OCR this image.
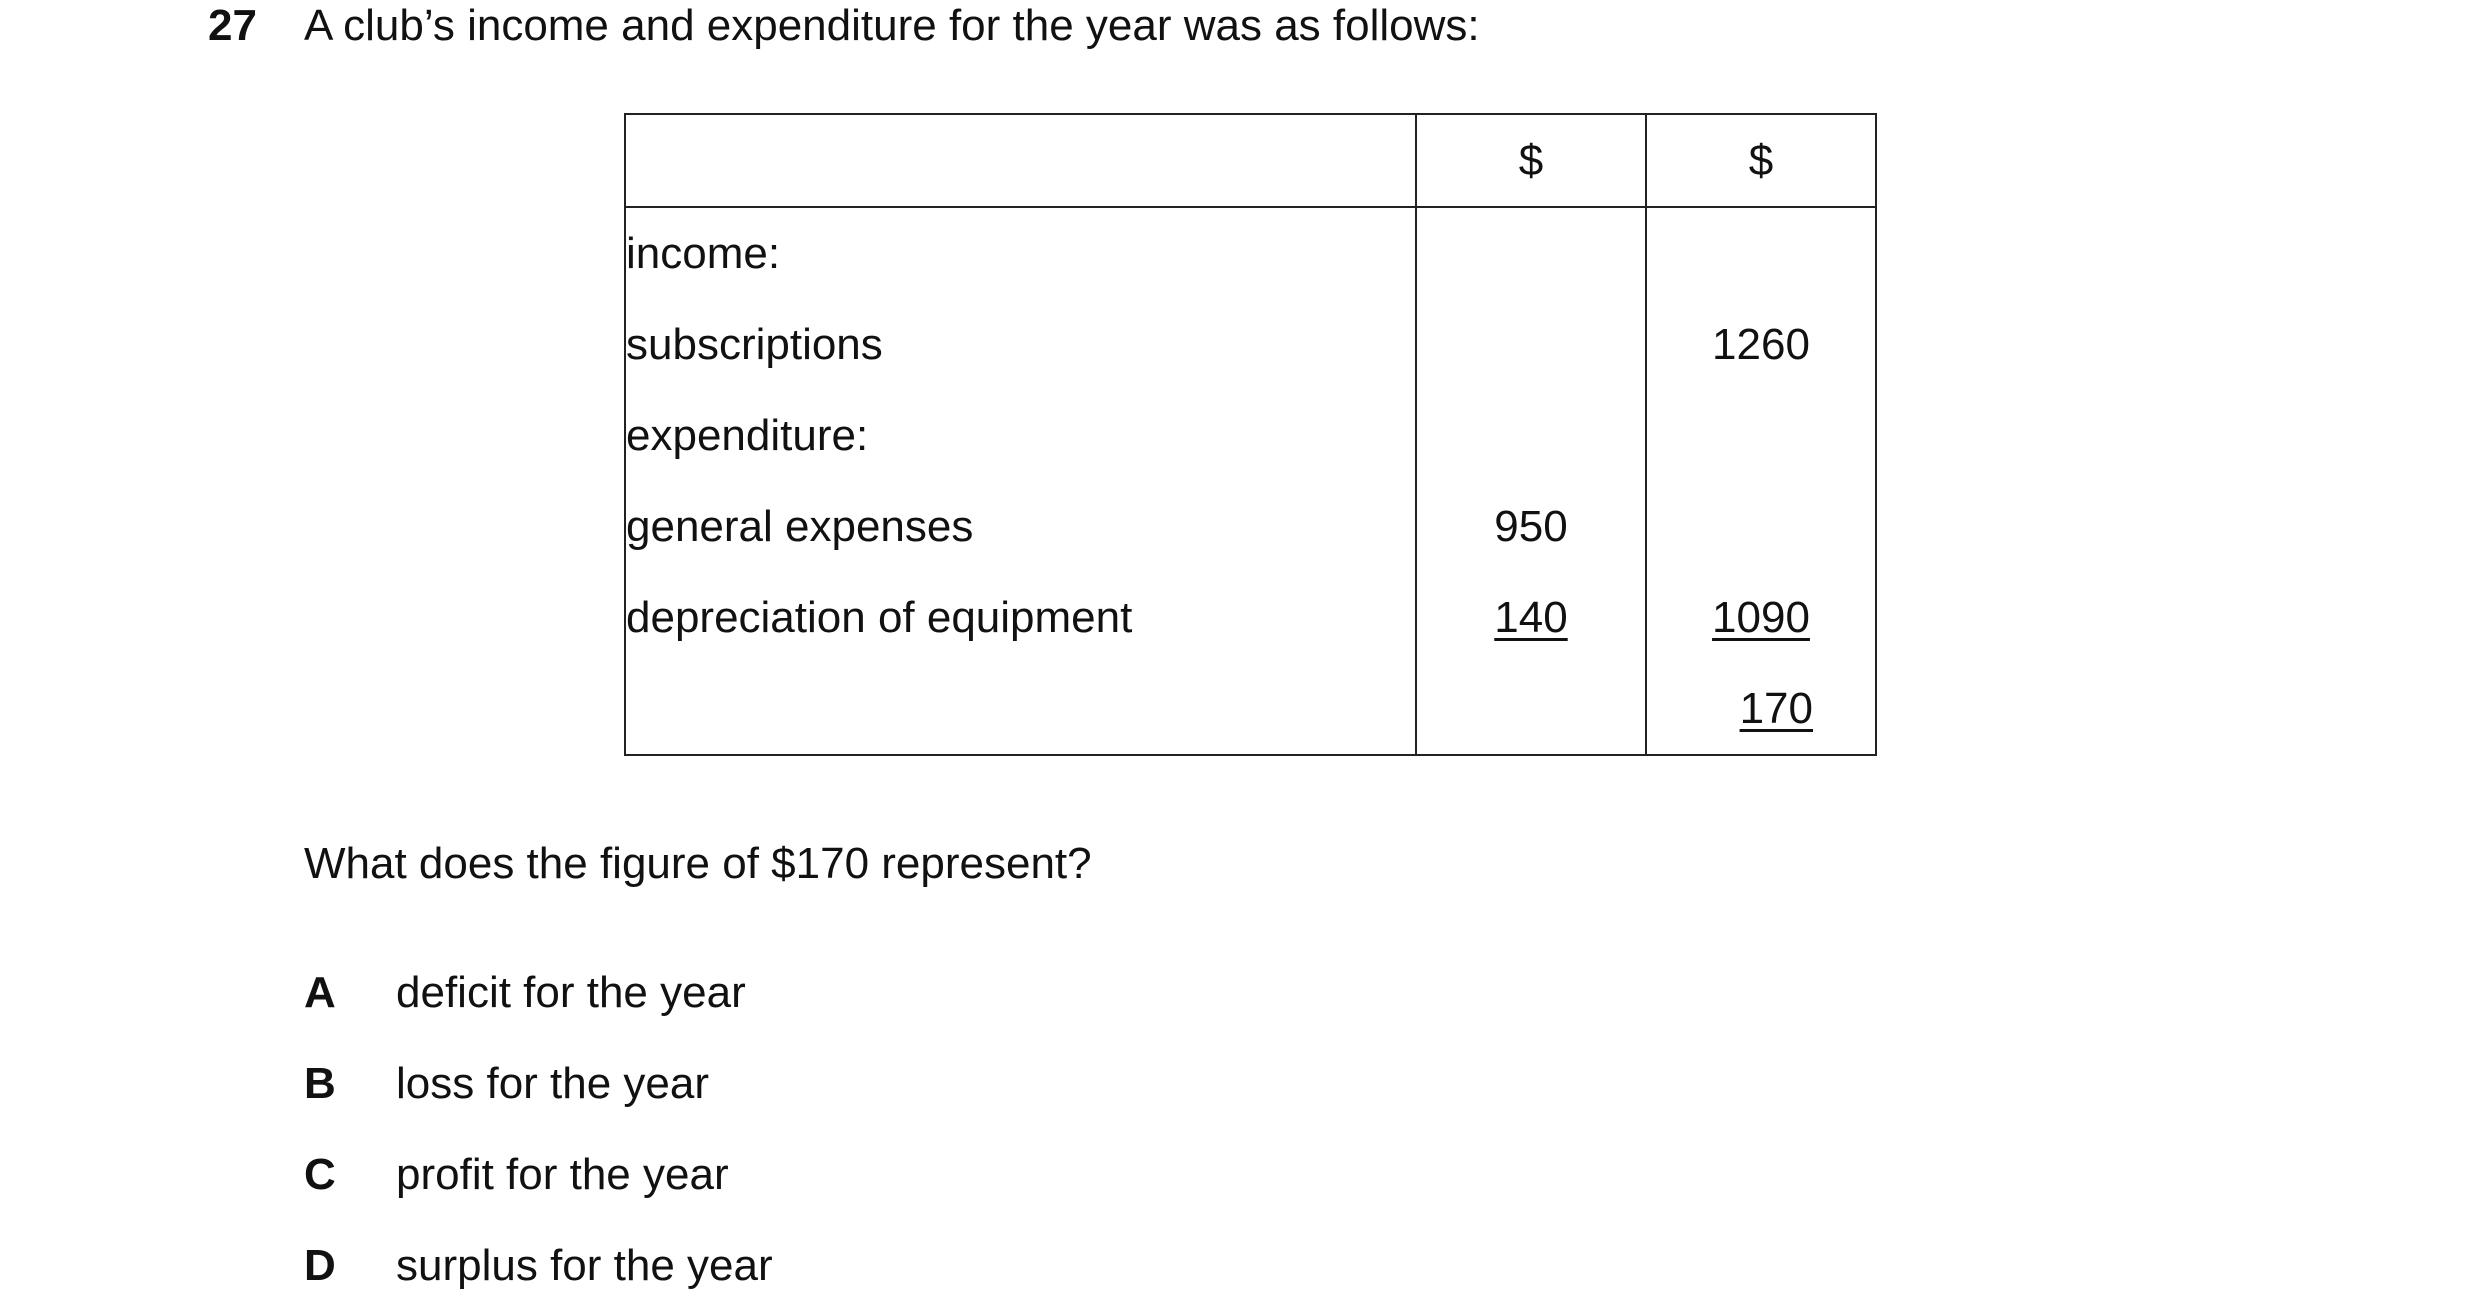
27 A club’s income and expenditure for the year was as follows:
	$	$
income:		
subscriptions		1260
expenditure:		
general expenses	950	
depreciation of equipment	140	1090

		170
What does the figure of $170 represent?
A	deficit for the year
B	loss for the year
C	profit for the year
D	surplus for the year
